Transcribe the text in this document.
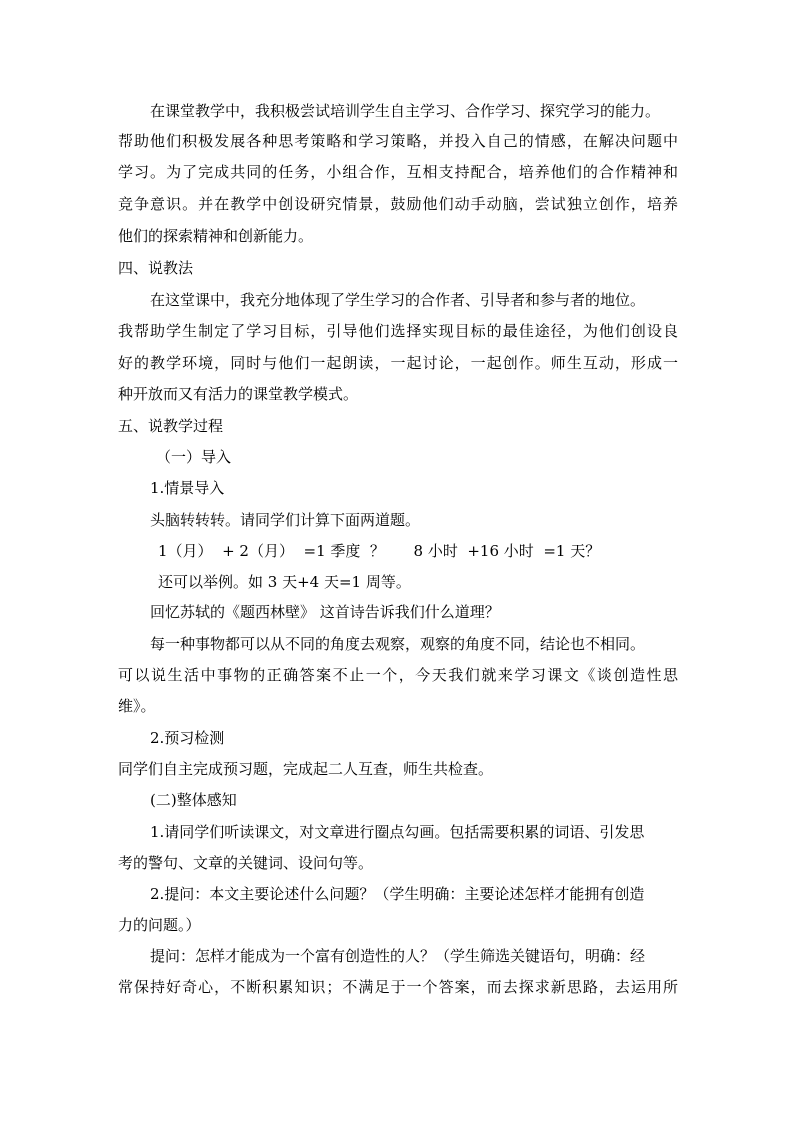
在课堂教学中，我积极尝试培训学生自主学习、合作学习、探究学习的能力。
帮助他们积极发展各种思考策略和学习策略，并投入自己的情感，在解决问题中
学习。为了完成共同的任务，小组合作，互相支持配合，培养他们的合作精神和
竞争意识。并在教学中创设研究情景，鼓励他们动手动脑，尝试独立创作，培养
他们的探索精神和创新能力。
四、说教法
在这堂课中，我充分地体现了学生学习的合作者、引导者和参与者的地位。
我帮助学生制定了学习目标，引导他们选择实现目标的最佳途径，为他们创设良
好的教学环境，同时与他们一起朗读，一起讨论，一起创作。师生互动，形成一
种开放而又有活力的课堂教学模式。
五、说教学过程
（一）导入
1.情景导入
头脑转转转。请同学们计算下面两道题。
1（月）  + 2（月）  =1 季度  ？      8 小时  +16 小时  =1 天？
还可以举例。如 3 天+4 天=1 周等。
回忆苏轼的《题西林壁》 这首诗告诉我们什么道理？
每一种事物都可以从不同的角度去观察，观察的角度不同，结论也不相同。
可以说生活中事物的正确答案不止一个，今天我们就来学习课文《谈创造性思
维》。
2.预习检测
同学们自主完成预习题，完成起二人互查，师生共检查。
(二)整体感知
1.请同学们听读课文，对文章进行圈点勾画。包括需要积累的词语、引发思
考的警句、文章的关键词、设问句等。
2.提问：本文主要论述什么问题？（学生明确：主要论述怎样才能拥有创造
力的问题。）
提问：怎样才能成为一个富有创造性的人？（学生筛选关键语句，明确：经
常保持好奇心，不断积累知识；不满足于一个答案，而去探求新思路，去运用所
